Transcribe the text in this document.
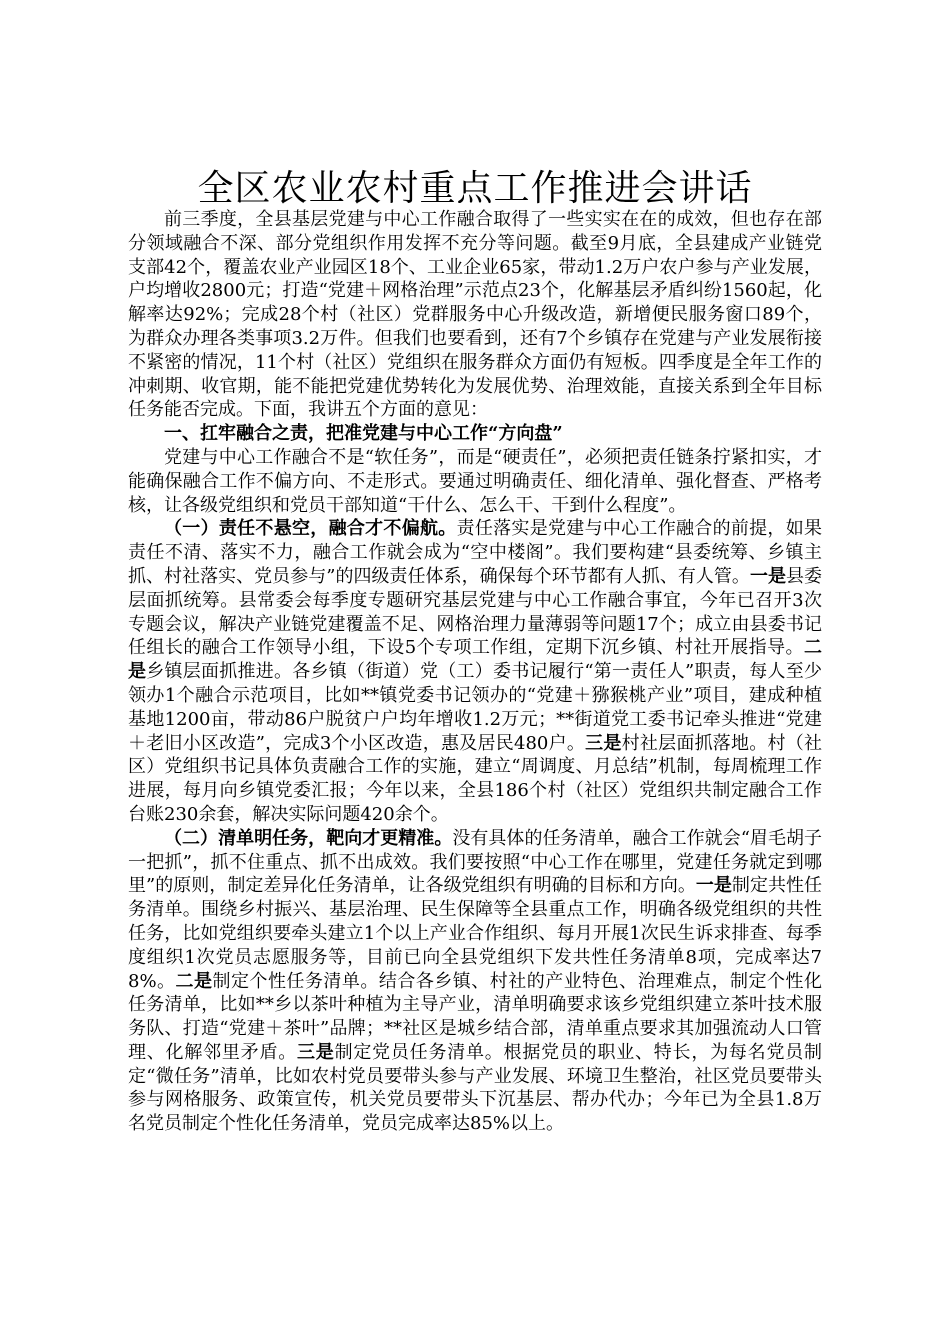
全区农业农村重点工作推进会讲话

前三季度，全县基层党建与中心工作融合取得了一些实实在在的成效，但也存在部分领域融合不深、部分党组织作用发挥不充分等问题。截至9月底，全县建成产业链党支部42个，覆盖农业产业园区18个、工业企业65家，带动1.2万户农户参与产业发展，户均增收2800元；打造“党建＋网格治理”示范点23个，化解基层矛盾纠纷1560起，化解率达92%；完成28个村（社区）党群服务中心升级改造，新增便民服务窗口89个，为群众办理各类事项3.2万件。但我们也要看到，还有7个乡镇存在党建与产业发展衔接不紧密的情况，11个村（社区）党组织在服务群众方面仍有短板。四季度是全年工作的冲刺期、收官期，能不能把党建优势转化为发展优势、治理效能，直接关系到全年目标任务能否完成。下面，我讲五个方面的意见：

一、扛牢融合之责，把准党建与中心工作“方向盘”

党建与中心工作融合不是“软任务”，而是“硬责任”，必须把责任链条拧紧扣实，才能确保融合工作不偏方向、不走形式。要通过明确责任、细化清单、强化督查、严格考核，让各级党组织和党员干部知道“干什么、怎么干、干到什么程度”。

（一）责任不悬空，融合才不偏航。责任落实是党建与中心工作融合的前提，如果责任不清、落实不力，融合工作就会成为“空中楼阁”。我们要构建“县委统筹、乡镇主抓、村社落实、党员参与”的四级责任体系，确保每个环节都有人抓、有人管。一是县委层面抓统筹。县常委会每季度专题研究基层党建与中心工作融合事宜，今年已召开3次专题会议，解决产业链党建覆盖不足、网格治理力量薄弱等问题17个；成立由县委书记任组长的融合工作领导小组，下设5个专项工作组，定期下沉乡镇、村社开展指导。二是乡镇层面抓推进。各乡镇（街道）党（工）委书记履行“第一责任人”职责，每人至少领办1个融合示范项目，比如**镇党委书记领办的“党建＋猕猴桃产业”项目，建成种植基地1200亩，带动86户脱贫户户均年增收1.2万元；**街道党工委书记牵头推进“党建＋老旧小区改造”，完成3个小区改造，惠及居民480户。三是村社层面抓落地。村（社区）党组织书记具体负责融合工作的实施，建立“周调度、月总结”机制，每周梳理工作进展，每月向乡镇党委汇报；今年以来，全县186个村（社区）党组织共制定融合工作台账230余套，解决实际问题420余个。

（二）清单明任务，靶向才更精准。没有具体的任务清单，融合工作就会“眉毛胡子一把抓”，抓不住重点、抓不出成效。我们要按照“中心工作在哪里，党建任务就定到哪里”的原则，制定差异化任务清单，让各级党组织有明确的目标和方向。一是制定共性任务清单。围绕乡村振兴、基层治理、民生保障等全县重点工作，明确各级党组织的共性任务，比如党组织要牵头建立1个以上产业合作组织、每月开展1次民生诉求排查、每季度组织1次党员志愿服务等，目前已向全县党组织下发共性任务清单8项，完成率达78%。二是制定个性任务清单。结合各乡镇、村社的产业特色、治理难点，制定个性化任务清单，比如**乡以茶叶种植为主导产业，清单明确要求该乡党组织建立茶叶技术服务队、打造“党建＋茶叶”品牌；**社区是城乡结合部，清单重点要求其加强流动人口管理、化解邻里矛盾。三是制定党员任务清单。根据党员的职业、特长，为每名党员制定“微任务”清单，比如农村党员要带头参与产业发展、环境卫生整治，社区党员要带头参与网格服务、政策宣传，机关党员要带头下沉基层、帮办代办；今年已为全县1.8万名党员制定个性化任务清单，党员完成率达85%以上。
